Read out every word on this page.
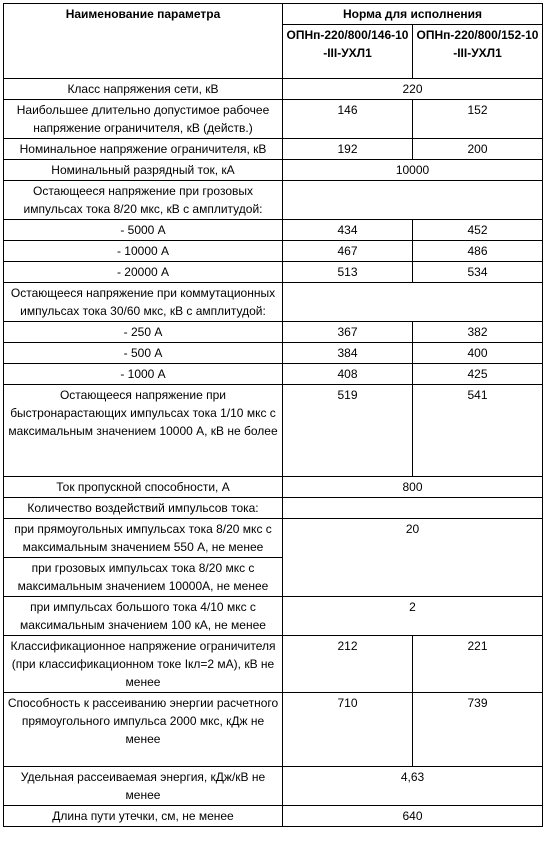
Наименование параметра	Норма для исполнения	
	ОПНп-220/800/146-10-III-УХЛ1	ОПНп-220/800/152-10-III-УХЛ1
Класс напряжения сети, кВ	220	
Наибольшее длительно допустимое рабочее напряжение ограничителя, кВ (действ.)	146	152
Номинальное напряжение ограничителя, кВ	192	200
Номинальный разрядный ток, кА	10000	
Остающееся напряжение при грозовых импульсах тока 8/20 мкс, кВ с амплитудой:		
- 5000 А	434	452
- 10000 А	467	486
- 20000 А	513	534
Остающееся напряжение при коммутационных импульсах тока 30/60 мкс, кВ с амплитудой:		
- 250 А	367	382
- 500 А	384	400
- 1000 А	408	425
Остающееся напряжение при быстронарастающих импульсах тока 1/10 мкс с максимальным значением 10000 А, кВ не более	519	541
Ток пропускной способности, А	800	
Количество воздействий импульсов тока:		
при прямоугольных импульсах тока 8/20 мкс с максимальным значением 550 А, не менее	20	
при грозовых импульсах тока 8/20 мкс с максимальным значением 10000А, не менее		
при импульсах большого тока 4/10 мкс с максимальным значением 100 кА, не менее	2	
Классификационное напряжение ограничителя (при классификационном токе Iкл=2 мА), кВ не менее	212	221
Способность к рассеиванию энергии расчетного прямоугольного импульса 2000 мкс, кДж не менее	710	739
Удельная рассеиваемая энергия, кДж/кВ не менее	4,63	
Длина пути утечки, см, не менее	640	
